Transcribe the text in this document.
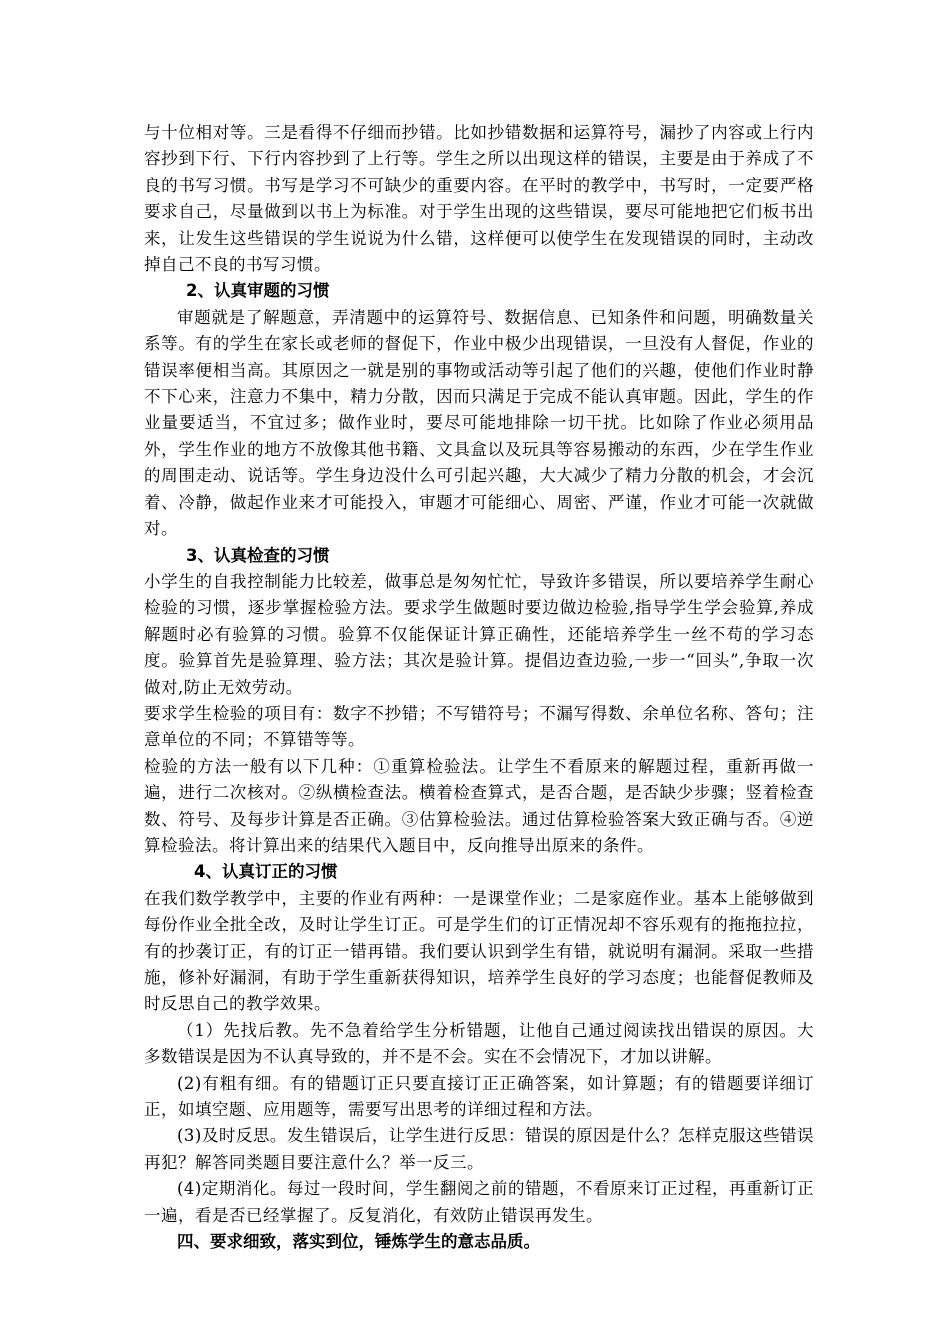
与十位相对等。三是看得不仔细而抄错。比如抄错数据和运算符号，漏抄了内容或上行内容抄到下行、下行内容抄到了上行等。学生之所以出现这样的错误，主要是由于养成了不良的书写习惯。书写是学习不可缺少的重要内容。在平时的教学中，书写时，一定要严格要求自己，尽量做到以书上为标准。对于学生出现的这些错误，要尽可能地把它们板书出来，让发生这些错误的学生说说为什么错，这样便可以使学生在发现错误的同时，主动改掉自己不良的书写习惯。

2、认真审题的习惯

审题就是了解题意，弄清题中的运算符号、数据信息、已知条件和问题，明确数量关系等。有的学生在家长或老师的督促下，作业中极少出现错误，一旦没有人督促，作业的错误率便相当高。其原因之一就是别的事物或活动等引起了他们的兴趣，使他们作业时静不下心来，注意力不集中，精力分散，因而只满足于完成不能认真审题。因此，学生的作业量要适当，不宜过多；做作业时，要尽可能地排除一切干扰。比如除了作业必须用品外，学生作业的地方不放像其他书籍、文具盒以及玩具等容易搬动的东西，少在学生作业的周围走动、说话等。学生身边没什么可引起兴趣，大大减少了精力分散的机会，才会沉着、冷静，做起作业来才可能投入，审题才可能细心、周密、严谨，作业才可能一次就做对。

3、认真检查的习惯

小学生的自我控制能力比较差，做事总是匆匆忙忙，导致许多错误，所以要培养学生耐心检验的习惯，逐步掌握检验方法。要求学生做题时要边做边检验,指导学生学会验算,养成解题时必有验算的习惯。验算不仅能保证计算正确性，还能培养学生一丝不苟的学习态度。验算首先是验算理、验方法；其次是验计算。提倡边查边验,一步一“回头”,争取一次做对,防止无效劳动。

要求学生检验的项目有：数字不抄错；不写错符号；不漏写得数、余单位名称、答句；注意单位的不同；不算错等等。

检验的方法一般有以下几种：①重算检验法。让学生不看原来的解题过程，重新再做一遍，进行二次核对。②纵横检查法。横着检查算式，是否合题，是否缺少步骤；竖着检查数、符号、及每步计算是否正确。③估算检验法。通过估算检验答案大致正确与否。④逆算检验法。将计算出来的结果代入题目中，反向推导出原来的条件。

4、认真订正的习惯

在我们数学教学中，主要的作业有两种：一是课堂作业；二是家庭作业。基本上能够做到每份作业全批全改，及时让学生订正。可是学生们的订正情况却不容乐观有的拖拖拉拉，有的抄袭订正，有的订正一错再错。我们要认识到学生有错，就说明有漏洞。采取一些措施，修补好漏洞，有助于学生重新获得知识，培养学生良好的学习态度；也能督促教师及时反思自己的教学效果。

（1）先找后教。先不急着给学生分析错题，让他自己通过阅读找出错误的原因。大多数错误是因为不认真导致的，并不是不会。实在不会情况下，才加以讲解。

(2)有粗有细。有的错题订正只要直接订正正确答案，如计算题；有的错题要详细订正，如填空题、应用题等，需要写出思考的详细过程和方法。

(3)及时反思。发生错误后，让学生进行反思：错误的原因是什么？怎样克服这些错误再犯？解答同类题目要注意什么？举一反三。

(4)定期消化。每过一段时间，学生翻阅之前的错题，不看原来订正过程，再重新订正一遍，看是否已经掌握了。反复消化，有效防止错误再发生。

四、要求细致，落实到位，锤炼学生的意志品质。
